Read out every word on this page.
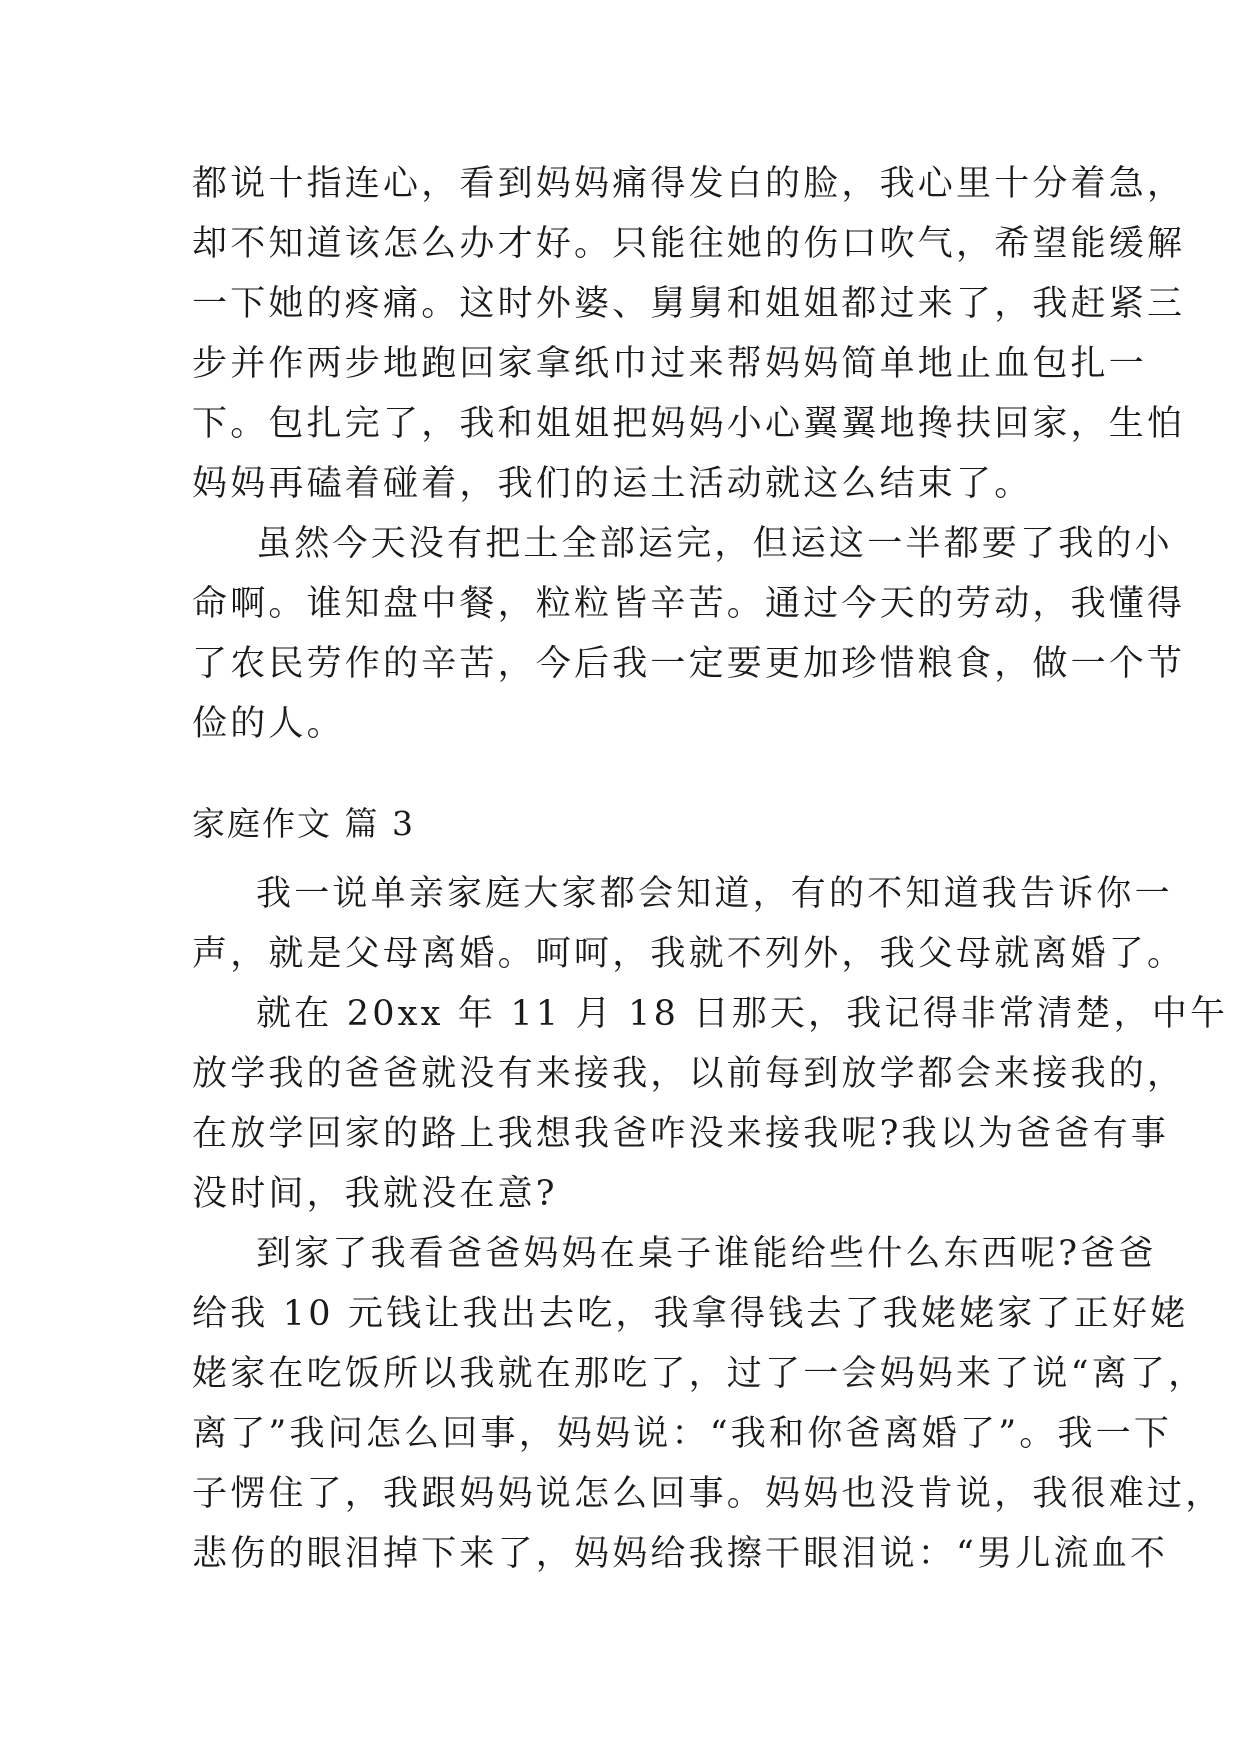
都说十指连心，看到妈妈痛得发白的脸，我心里十分着急，
却不知道该怎么办才好。只能往她的伤口吹气，希望能缓解
一下她的疼痛。这时外婆、舅舅和姐姐都过来了，我赶紧三
步并作两步地跑回家拿纸巾过来帮妈妈简单地止血包扎一
下。包扎完了，我和姐姐把妈妈小心翼翼地搀扶回家，生怕
妈妈再磕着碰着，我们的运土活动就这么结束了。
虽然今天没有把土全部运完，但运这一半都要了我的小
命啊。谁知盘中餐，粒粒皆辛苦。通过今天的劳动，我懂得
了农民劳作的辛苦，今后我一定要更加珍惜粮食，做一个节
俭的人。
家庭作文 篇 3
我一说单亲家庭大家都会知道，有的不知道我告诉你一
声，就是父母离婚。呵呵，我就不列外，我父母就离婚了。
就在 20xx 年 11 月 18 日那天，我记得非常清楚，中午
放学我的爸爸就没有来接我，以前每到放学都会来接我的，
在放学回家的路上我想我爸咋没来接我呢?我以为爸爸有事
没时间，我就没在意?
到家了我看爸爸妈妈在桌子谁能给些什么东西呢?爸爸
给我 10 元钱让我出去吃，我拿得钱去了我姥姥家了正好姥
姥家在吃饭所以我就在那吃了，过了一会妈妈来了说“离了，
离了”我问怎么回事，妈妈说：“我和你爸离婚了”。我一下
子愣住了，我跟妈妈说怎么回事。妈妈也没肯说，我很难过，
悲伤的眼泪掉下来了，妈妈给我擦干眼泪说：“男儿流血不
